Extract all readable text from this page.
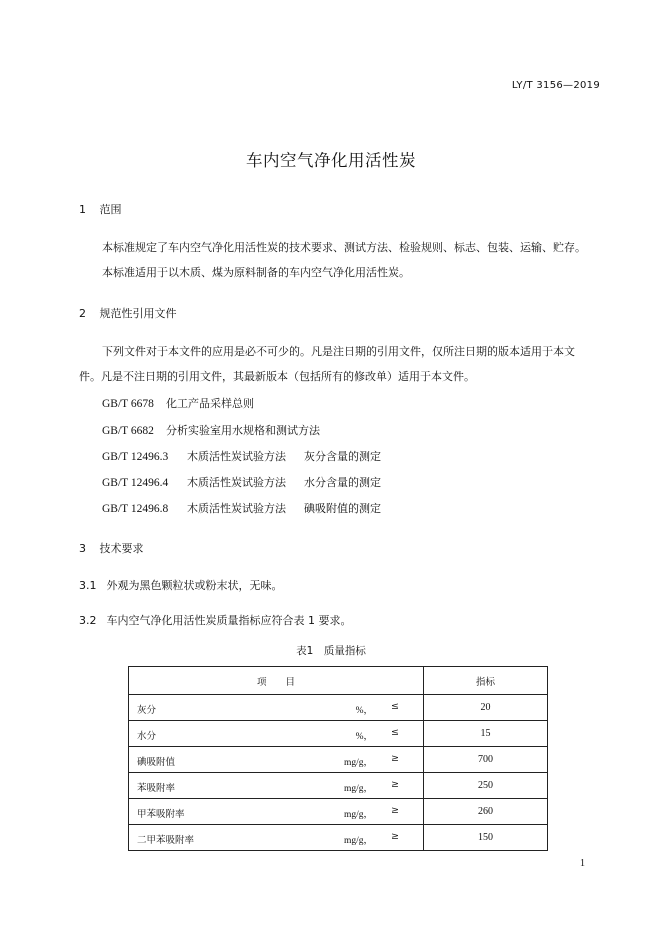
LY/T 3156—2019
车内空气净化用活性炭
1 范围
本标准规定了车内空气净化用活性炭的技术要求、测试方法、检验规则、标志、包装、运输、贮存。
本标准适用于以木质、煤为原料制备的车内空气净化用活性炭。
2 规范性引用文件
下列文件对于本文件的应用是必不可少的。凡是注日期的引用文件，仅所注日期的版本适用于本文
件。凡是不注日期的引用文件，其最新版本（包括所有的修改单）适用于本文件。
GB/T 6678 化工产品采样总则
GB/T 6682 分析实验室用水规格和测试方法
GB/T 12496.3 木质活性炭试验方法 灰分含量的测定
GB/T 12496.4 木质活性炭试验方法 水分含量的测定
GB/T 12496.8 木质活性炭试验方法 碘吸附值的测定
3 技术要求
3.1 外观为黑色颗粒状或粉末状，无味。
3.2 车内空气净化用活性炭质量指标应符合表 1 要求。
表1　质量指标
项　　目	指标

灰分 %， ≤	20

水分 %， ≤	15

碘吸附值 mg/g， ≥	700

苯吸附率 mg/g， ≥	250

甲苯吸附率 mg/g， ≥	260

二甲苯吸附率 mg/g， ≥	150
1
